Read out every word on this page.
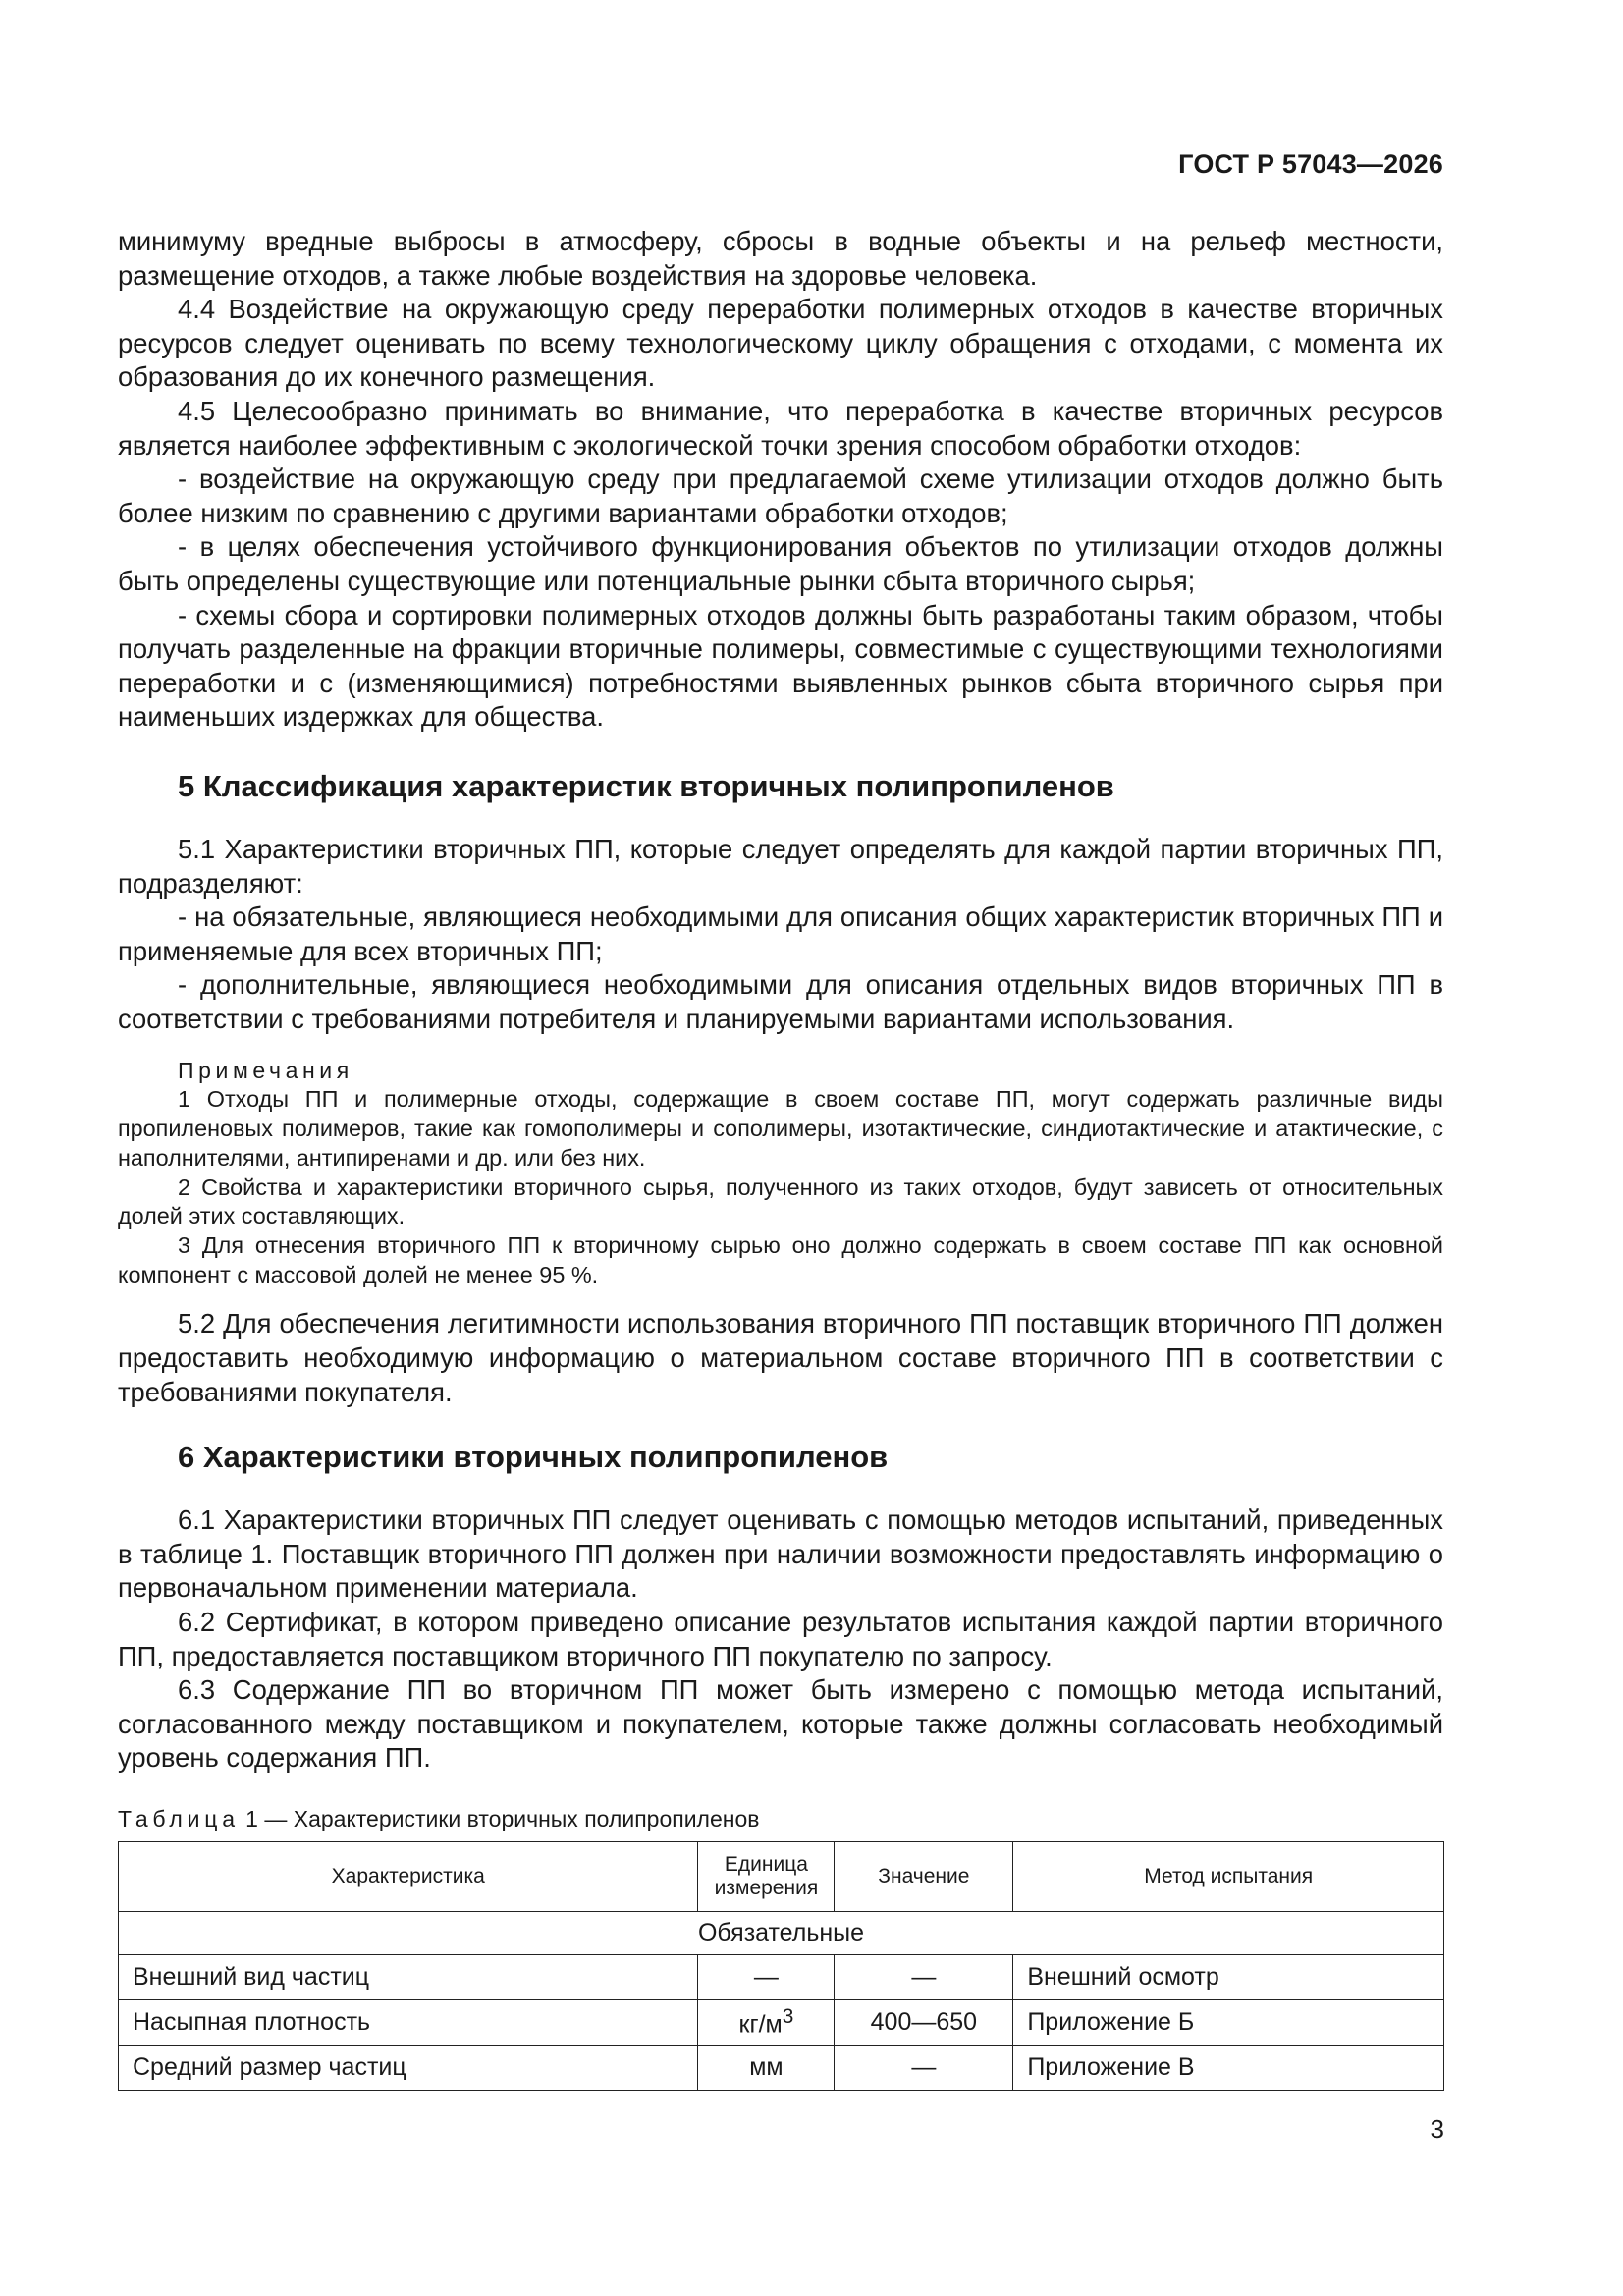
ГОСТ Р 57043—2026

минимуму вредные выбросы в атмосферу, сбросы в водные объекты и на рельеф местности, размещение отходов, а также любые воздействия на здоровье человека.

4.4 Воздействие на окружающую среду переработки полимерных отходов в качестве вторичных ресурсов следует оценивать по всему технологическому циклу обращения с отходами, с момента их образования до их конечного размещения.

4.5 Целесообразно принимать во внимание, что переработка в качестве вторичных ресурсов является наиболее эффективным с экологической точки зрения способом обработки отходов:

- воздействие на окружающую среду при предлагаемой схеме утилизации отходов должно быть более низким по сравнению с другими вариантами обработки отходов;

- в целях обеспечения устойчивого функционирования объектов по утилизации отходов должны быть определены существующие или потенциальные рынки сбыта вторичного сырья;

- схемы сбора и сортировки полимерных отходов должны быть разработаны таким образом, чтобы получать разделенные на фракции вторичные полимеры, совместимые с существующими технологиями переработки и с (изменяющимися) потребностями выявленных рынков сбыта вторичного сырья при наименьших издержках для общества.

5 Классификация характеристик вторичных полипропиленов

5.1 Характеристики вторичных ПП, которые следует определять для каждой партии вторичных ПП, подразделяют:

- на обязательные, являющиеся необходимыми для описания общих характеристик вторичных ПП и применяемые для всех вторичных ПП;

- дополнительные, являющиеся необходимыми для описания отдельных видов вторичных ПП в соответствии с требованиями потребителя и планируемыми вариантами использования.

Примечания

1 Отходы ПП и полимерные отходы, содержащие в своем составе ПП, могут содержать различные виды пропиленовых полимеров, такие как гомополимеры и сополимеры, изотактические, синдиотактические и атактические, с наполнителями, антипиренами и др. или без них.

2 Свойства и характеристики вторичного сырья, полученного из таких отходов, будут зависеть от относительных долей этих составляющих.

3 Для отнесения вторичного ПП к вторичному сырью оно должно содержать в своем составе ПП как основной компонент с массовой долей не менее 95 %.

5.2 Для обеспечения легитимности использования вторичного ПП поставщик вторичного ПП должен предоставить необходимую информацию о материальном составе вторичного ПП в соответствии с требованиями покупателя.

6 Характеристики вторичных полипропиленов

6.1 Характеристики вторичных ПП следует оценивать с помощью методов испытаний, приведенных в таблице 1. Поставщик вторичного ПП должен при наличии возможности предоставлять информацию о первоначальном применении материала.

6.2 Сертификат, в котором приведено описание результатов испытания каждой партии вторичного ПП, предоставляется поставщиком вторичного ПП покупателю по запросу.

6.3 Содержание ПП во вторичном ПП может быть измерено с помощью метода испытаний, согласованного между поставщиком и покупателем, которые также должны согласовать необходимый уровень содержания ПП.

Таблица 1 — Характеристики вторичных полипропиленов

Характеристика	Единица измерения	Значение	Метод испытания
Обязательные			
Внешний вид частиц	—	—	Внешний осмотр
Насыпная плотность	$кг/м^3$	400—650	Приложение Б
Средний размер частиц	мм	—	Приложение В
3
